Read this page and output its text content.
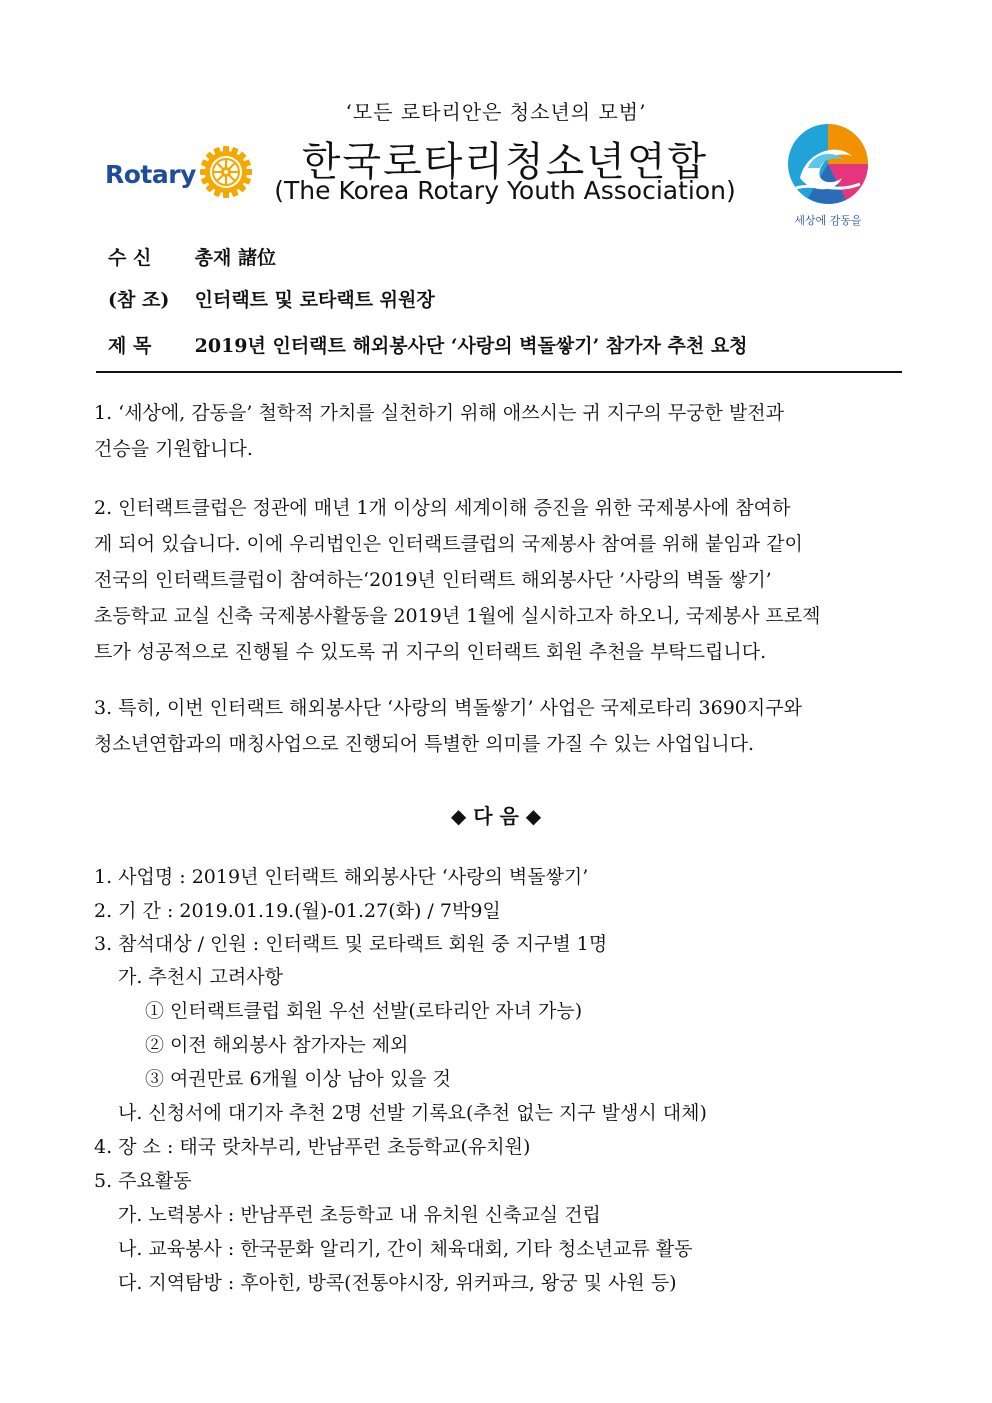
‘모든 로타리안은 청소년의 모범’
Rotary	한국로타리청소년연합
(The Korea Rotary Youth Association)
세상에 감동을
수 신 총재 諸位
(참 조) 인터랙트 및 로타랙트 위원장
제 목 2019년 인터랙트 해외봉사단 ‘사랑의 벽돌쌓기’ 참가자 추천 요청
1. ‘세상에, 감동을’ 철학적 가치를 실천하기 위해 애쓰시는 귀 지구의 무궁한 발전과
건승을 기원합니다.
2. 인터랙트클럽은 정관에 매년 1개 이상의 세계이해 증진을 위한 국제봉사에 참여하
게 되어 있습니다. 이에 우리법인은 인터랙트클럽의 국제봉사 참여를 위해 붙임과 같이
전국의 인터랙트클럽이 참여하는‘2019년 인터랙트 해외봉사단 ’사랑의 벽돌 쌓기’
초등학교 교실 신축 국제봉사활동을 2019년 1월에 실시하고자 하오니, 국제봉사 프로젝
트가 성공적으로 진행될 수 있도록 귀 지구의 인터랙트 회원 추천을 부탁드립니다.
3. 특히, 이번 인터랙트 해외봉사단 ‘사랑의 벽돌쌓기’ 사업은 국제로타리 3690지구와
청소년연합과의 매칭사업으로 진행되어 특별한 의미를 가질 수 있는 사업입니다.
◆ 다 음 ◆
1. 사업명 : 2019년 인터랙트 해외봉사단 ‘사랑의 벽돌쌓기’
2. 기 간 : 2019.01.19.(월)-01.27(화) / 7박9일
3. 참석대상 / 인원 : 인터랙트 및 로타랙트 회원 중 지구별 1명
가. 추천시 고려사항
① 인터랙트클럽 회원 우선 선발(로타리안 자녀 가능)
② 이전 해외봉사 참가자는 제외
③ 여권만료 6개월 이상 남아 있을 것
나. 신청서에 대기자 추천 2명 선발 기록요(추천 없는 지구 발생시 대체)
4. 장 소 : 태국 랏차부리, 반남푸런 초등학교(유치원)
5. 주요활동
가. 노력봉사 : 반남푸런 초등학교 내 유치원 신축교실 건립
나. 교육봉사 : 한국문화 알리기, 간이 체육대회, 기타 청소년교류 활동
다. 지역탐방 : 후아힌, 방콕(전통야시장, 위커파크, 왕궁 및 사원 등)
